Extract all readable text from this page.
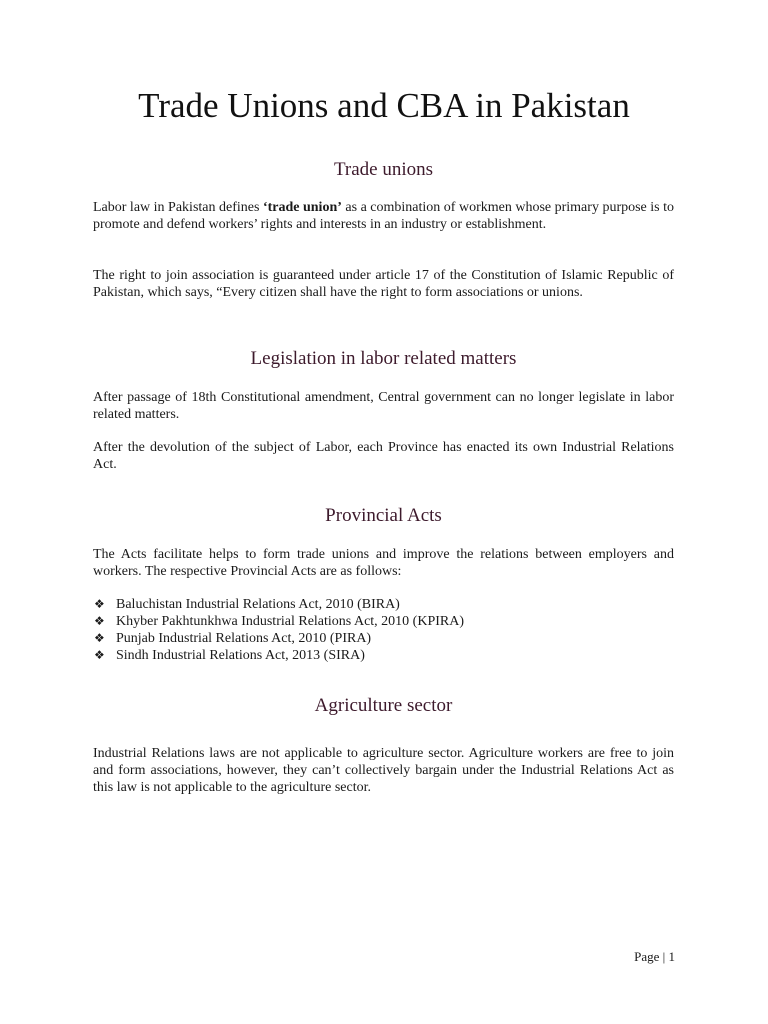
Trade Unions and CBA in Pakistan
Trade unions

Labor law in Pakistan defines ‘trade union’ as a combination of workmen whose primary purpose is to promote and defend workers’ rights and interests in an industry or establishment.

The right to join association is guaranteed under article 17 of the Constitution of Islamic Republic of Pakistan, which says, “Every citizen shall have the right to form associations or unions.

Legislation in labor related matters

After passage of 18th Constitutional amendment, Central government can no longer legislate in labor related matters.

After the devolution of the subject of Labor, each Province has enacted its own Industrial Relations Act.

Provincial Acts

The Acts facilitate helps to form trade unions and improve the relations between employers and workers. The respective Provincial Acts are as follows:

❖ Baluchistan Industrial Relations Act, 2010 (BIRA)
❖ Khyber Pakhtunkhwa Industrial Relations Act, 2010 (KPIRA)
❖ Punjab Industrial Relations Act, 2010 (PIRA)
❖ Sindh Industrial Relations Act, 2013 (SIRA)
Agriculture sector

Industrial Relations laws are not applicable to agriculture sector. Agriculture workers are free to join and form associations, however, they can’t collectively bargain under the Industrial Relations Act as this law is not applicable to the agriculture sector.

Page | 1
